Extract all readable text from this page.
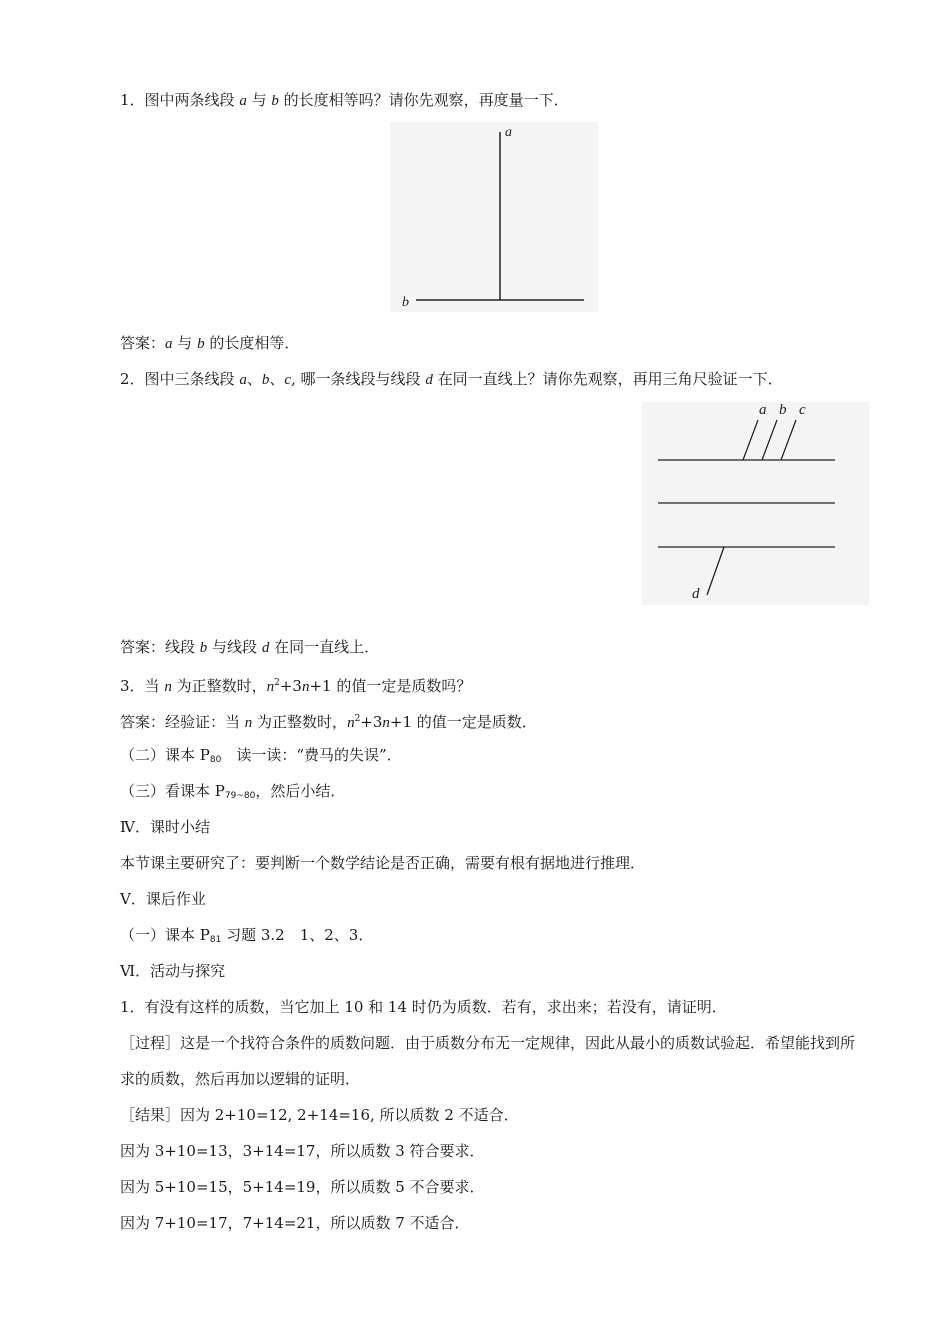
1．图中两条线段 a 与 b 的长度相等吗？请你先观察，再度量一下．
a
b
答案：a 与 b 的长度相等．
2．图中三条线段 a、b、c, 哪一条线段与线段 d 在同一直线上？请你先观察，再用三角尺验证一下．
a b c
d
答案：线段 b 与线段 d 在同一直线上．
3．当 n 为正整数时，$n^2+3n+1$ 的值一定是质数吗？
答案：经验证：当 n 为正整数时，$n^2+3n+1$ 的值一定是质数．
（二）课本 $P_{80}$　读一读：“费马的失误”．
（三）看课本 $P_{79\sim 80}$，然后小结．
Ⅳ．课时小结
本节课主要研究了：要判断一个数学结论是否正确，需要有根有据地进行推理．
Ⅴ．课后作业
（一）课本 $P_{81}$ 习题 3.2　1、2、3．
Ⅵ．活动与探究
1．有没有这样的质数，当它加上 10 和 14 时仍为质数．若有，求出来；若没有，请证明．
［过程］这是一个找符合条件的质数问题．由于质数分布无一定规律，因此从最小的质数试验起．希望能找到所求的质数，然后再加以逻辑的证明．
［结果］因为 2+10=12, 2+14=16, 所以质数 2 不适合．
因为 3+10=13，3+14=17，所以质数 3 符合要求．
因为 5+10=15，5+14=19，所以质数 5 不合要求．
因为 7+10=17，7+14=21，所以质数 7 不适合．
